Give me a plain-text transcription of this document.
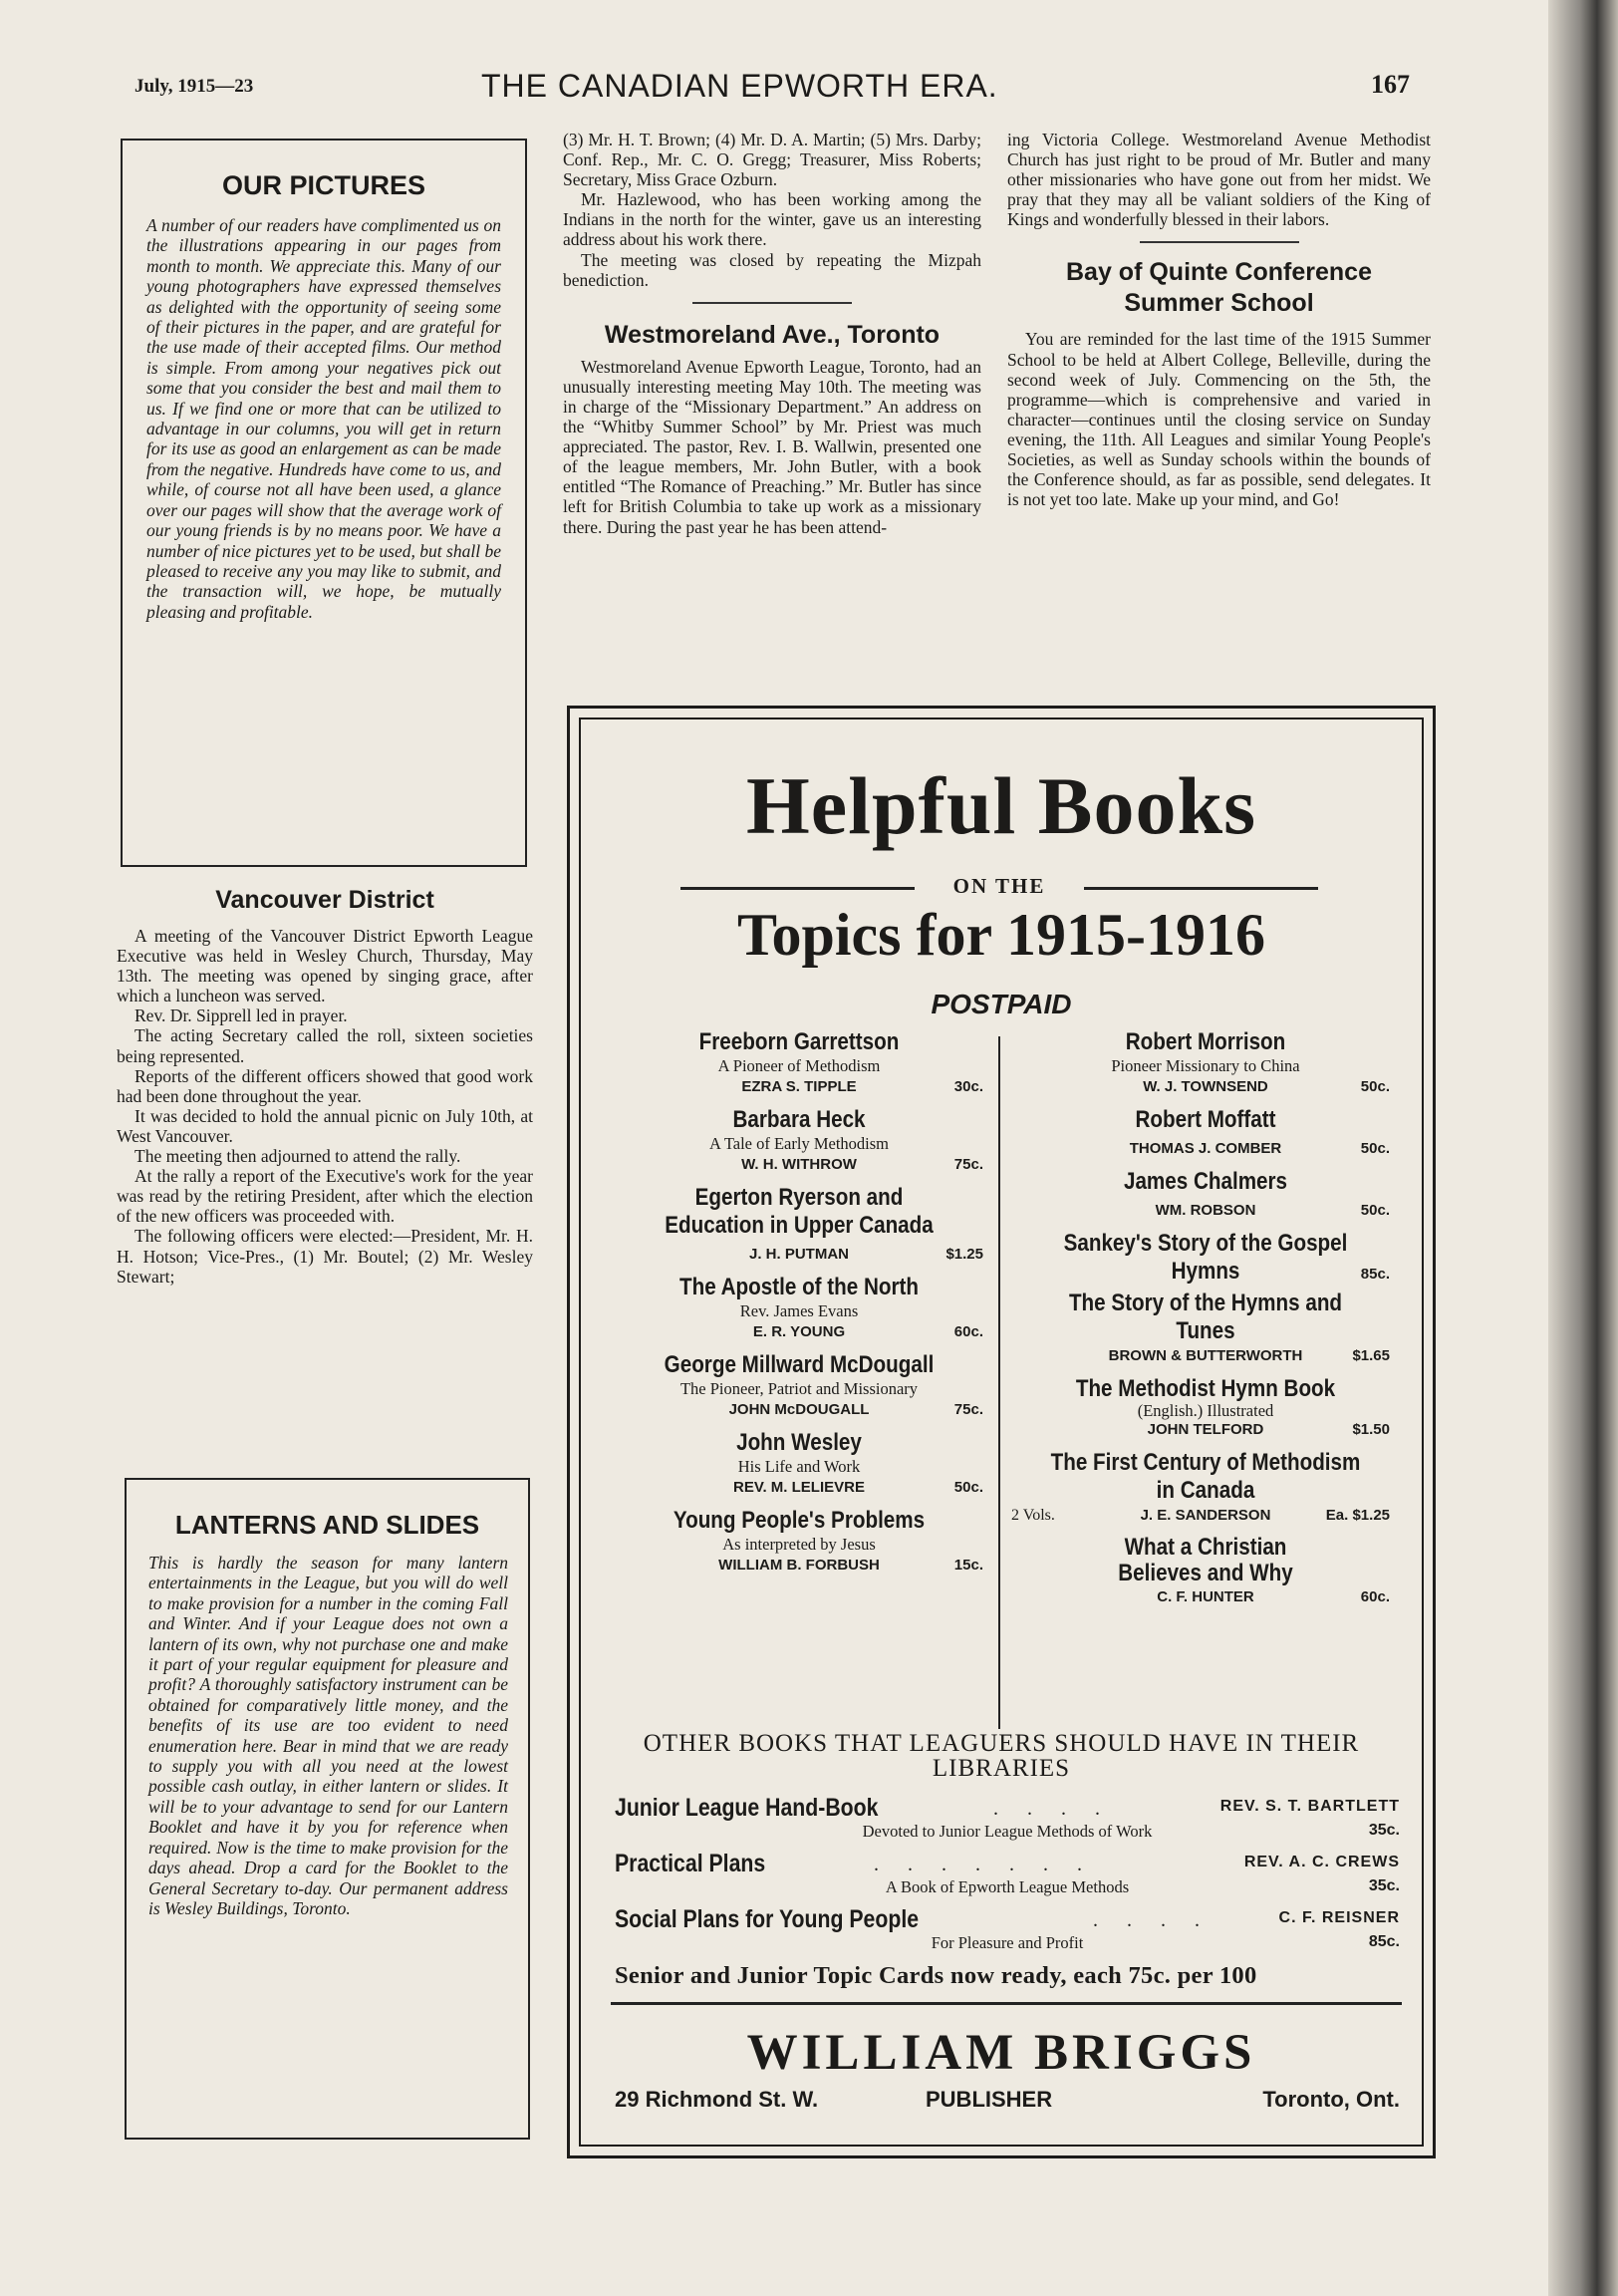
July, 1915—23	THE CANADIAN EPWORTH ERA.	167
OUR PICTURES
A number of our readers have complimented us on the illustrations appearing in our pages from month to month. We appreciate this. Many of our young photographers have expressed themselves as delighted with the opportunity of seeing some of their pictures in the paper, and are grateful for the use made of their accepted films. Our method is simple. From among your negatives pick out some that you consider the best and mail them to us. If we find one or more that can be utilized to advantage in our columns, you will get in return for its use as good an enlargement as can be made from the negative. Hundreds have come to us, and while, of course not all have been used, a glance over our pages will show that the average work of our young friends is by no means poor. We have a number of nice pictures yet to be used, but shall be pleased to receive any you may like to submit, and the transaction will, we hope, be mutually pleasing and profitable.
Vancouver District

A meeting of the Vancouver District Epworth League Executive was held in Wesley Church, Thursday, May 13th. The meeting was opened by singing grace, after which a luncheon was served.

Rev. Dr. Sipprell led in prayer.

The acting Secretary called the roll, sixteen societies being represented.

Reports of the different officers showed that good work had been done throughout the year.

It was decided to hold the annual picnic on July 10th, at West Vancouver.

The meeting then adjourned to attend the rally.

At the rally a report of the Executive's work for the year was read by the retiring President, after which the election of the new officers was proceeded with.

The following officers were elected:—President, Mr. H. H. Hotson; Vice-Pres., (1) Mr. Boutel; (2) Mr. Wesley Stewart;

LANTERNS AND SLIDES
This is hardly the season for many lantern entertainments in the League, but you will do well to make provision for a number in the coming Fall and Winter. And if your League does not own a lantern of its own, why not purchase one and make it part of your regular equipment for pleasure and profit? A thoroughly satisfactory instrument can be obtained for comparatively little money, and the benefits of its use are too evident to need enumeration here. Bear in mind that we are ready to supply you with all you need at the lowest possible cash outlay, in either lantern or slides. It will be to your advantage to send for our Lantern Booklet and have it by you for reference when required. Now is the time to make provision for the days ahead. Drop a card for the Booklet to the General Secretary to-day. Our permanent address is Wesley Buildings, Toronto.

(3) Mr. H. T. Brown; (4) Mr. D. A. Martin; (5) Mrs. Darby; Conf. Rep., Mr. C. O. Gregg; Treasurer, Miss Roberts; Secretary, Miss Grace Ozburn.

Mr. Hazlewood, who has been working among the Indians in the north for the winter, gave us an interesting address about his work there.

The meeting was closed by repeating the Mizpah benediction.

Westmoreland Ave., Toronto

Westmoreland Avenue Epworth League, Toronto, had an unusually interesting meeting May 10th. The meeting was in charge of the “Missionary Department.” An address on the “Whitby Summer School” by Mr. Priest was much appreciated. The pastor, Rev. I. B. Wallwin, presented one of the league members, Mr. John Butler, with a book entitled “The Romance of Preaching.” Mr. Butler has since left for British Columbia to take up work as a missionary there. During the past year he has been attend-

ing Victoria College. Westmoreland Avenue Methodist Church has just right to be proud of Mr. Butler and many other missionaries who have gone out from her midst. We pray that they may all be valiant soldiers of the King of Kings and wonderfully blessed in their labors.

Bay of Quinte Conference Summer School

You are reminded for the last time of the 1915 Summer School to be held at Albert College, Belleville, during the second week of July. Commencing on the 5th, the programme—which is comprehensive and varied in character—continues until the closing service on Sunday evening, the 11th. All Leagues and similar Young People's Societies, as well as Sunday schools within the bounds of the Conference should, as far as possible, send delegates. It is not yet too late. Make up your mind, and Go!

Helpful Books
ON THE
Topics for 1915-1916
POSTPAID
Freeborn Garrettson
A Pioneer of Methodism
EZRA S. TIPPLE	30c.
Barbara Heck
A Tale of Early Methodism
W. H. WITHROW	75c.
Egerton Ryerson and Education in Upper Canada
J. H. PUTMAN	$1.25
The Apostle of the North
Rev. James Evans
E. R. YOUNG	60c.
George Millward McDougall
The Pioneer, Patriot and Missionary
JOHN McDOUGALL	75c.
John Wesley
His Life and Work
REV. M. LELIEVRE	50c.
Young People's Problems
As interpreted by Jesus
WILLIAM B. FORBUSH	15c.
Robert Morrison
Pioneer Missionary to China
W. J. TOWNSEND	50c.
Robert Moffatt
THOMAS J. COMBER	50c.
James Chalmers
WM. ROBSON	50c.
Sankey's Story of the Gospel Hymns	85c.
The Story of the Hymns and Tunes
BROWN & BUTTERWORTH	$1.65
The Methodist Hymn Book
(English.) Illustrated
JOHN TELFORD	$1.50
The First Century of Methodism in Canada
2 Vols.	J. E. SANDERSON	Ea. $1.25
What a Christian Believes and Why
C. F. HUNTER	60c.
OTHER BOOKS THAT LEAGUERS SHOULD HAVE IN THEIR LIBRARIES
Junior League Hand-Book	. . . .	REV. S. T. BARTLETT
Devoted to Junior League Methods of Work	35c.
Practical Plans	. . . . . . .	REV. A. C. CREWS
A Book of Epworth League Methods	35c.
Social Plans for Young People	. . . .	C. F. REISNER
For Pleasure and Profit	85c.
Senior and Junior Topic Cards now ready, each 75c. per 100
WILLIAM BRIGGS
29 Richmond St. W.	PUBLISHER	Toronto, Ont.
